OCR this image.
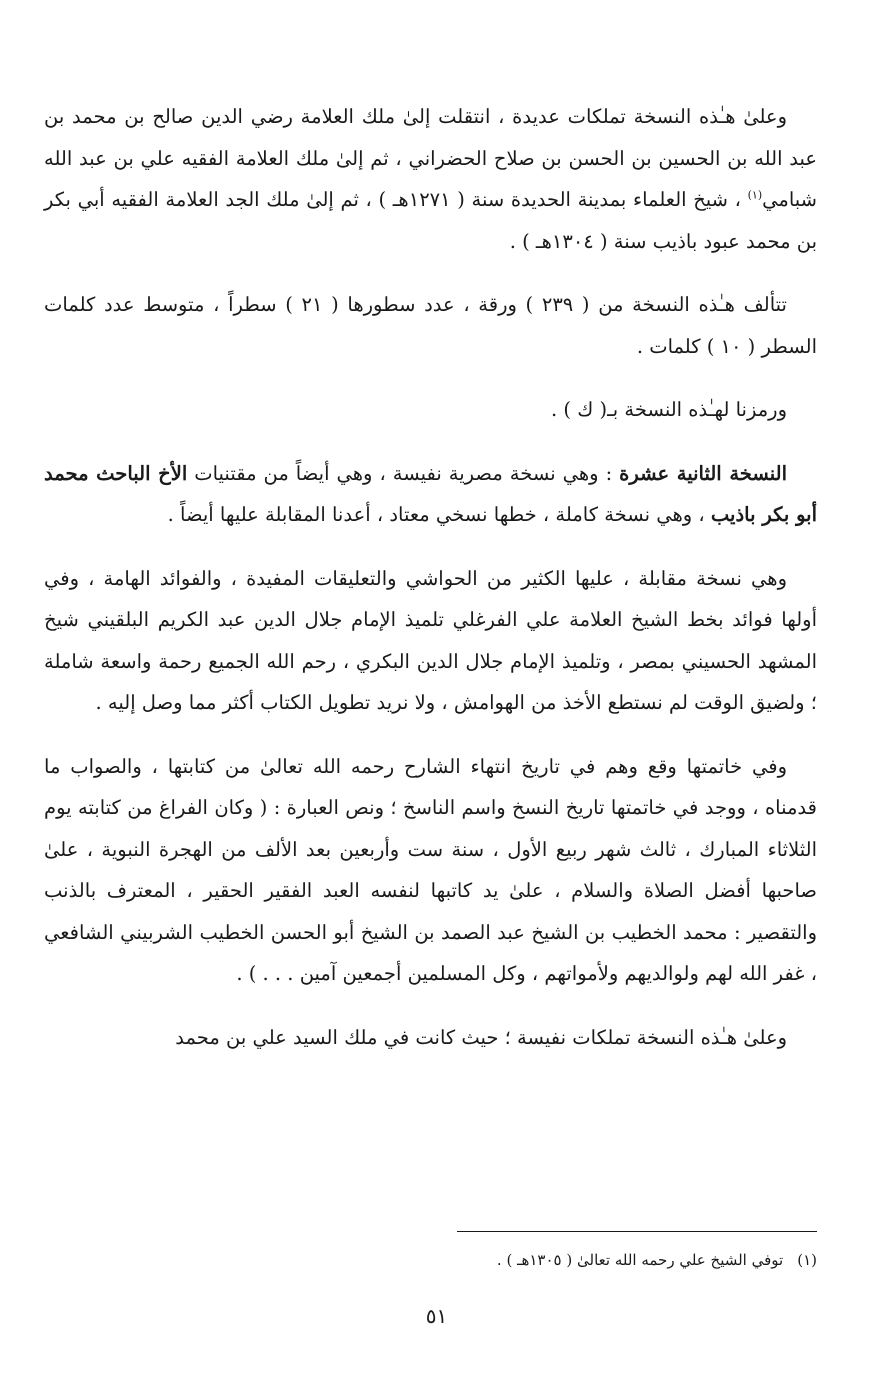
وعلىٰ هـٰذه النسخة تملكات عديدة ، انتقلت إلىٰ ملك العلامة رضي الدين صالح بن محمد بن عبد الله بن الحسين بن الحسن بن صلاح الحضراني ، ثم إلىٰ ملك العلامة الفقيه علي بن عبد الله شبامي$^{(١)}$ ، شيخ العلماء بمدينة الحديدة سنة ( ١٢٧١هـ ) ، ثم إلىٰ ملك الجد العلامة الفقيه أبي بكر بن محمد عبود باذيب سنة ( ١٣٠٤هـ ) .

تتألف هـٰذه النسخة من ( ٢٣٩ ) ورقة ، عدد سطورها ( ٢١ ) سطراً ، متوسط عدد كلمات السطر ( ١٠ ) كلمات .

ورمزنا لهـٰذه النسخة بـ( ك ) .

النسخة الثانية عشرة : وهي نسخة مصرية نفيسة ، وهي أيضاً من مقتنيات الأخ الباحث محمد أبو بكر باذيب ، وهي نسخة كاملة ، خطها نسخي معتاد ، أعدنا المقابلة عليها أيضاً .

وهي نسخة مقابلة ، عليها الكثير من الحواشي والتعليقات المفيدة ، والفوائد الهامة ، وفي أولها فوائد بخط الشيخ العلامة علي الفرغلي تلميذ الإمام جلال الدين عبد الكريم البلقيني شيخ المشهد الحسيني بمصر ، وتلميذ الإمام جلال الدين البكري ، رحم الله الجميع رحمة واسعة شاملة ؛ ولضيق الوقت لم نستطع الأخذ من الهوامش ، ولا نريد تطويل الكتاب أكثر مما وصل إليه .

وفي خاتمتها وقع وهم في تاريخ انتهاء الشارح رحمه الله تعالىٰ من كتابتها ، والصواب ما قدمناه ، ووجد في خاتمتها تاريخ النسخ واسم الناسخ ؛ ونص العبارة : ( وكان الفراغ من كتابته يوم الثلاثاء المبارك ، ثالث شهر ربيع الأول ، سنة ست وأربعين بعد الألف من الهجرة النبوية ، علىٰ صاحبها أفضل الصلاة والسلام ، علىٰ يد كاتبها لنفسه العبد الفقير الحقير ، المعترف بالذنب والتقصير : محمد الخطيب بن الشيخ عبد الصمد بن الشيخ أبو الحسن الخطيب الشربيني الشافعي ، غفر الله لهم ولوالديهم ولأمواتهم ، وكل المسلمين أجمعين آمين . . . ) .

وعلىٰ هـٰذه النسخة تملكات نفيسة ؛ حيث كانت في ملك السيد علي بن محمد

(١)توفي الشيخ علي رحمه الله تعالىٰ ( ١٣٠٥هـ ) .
٥١
